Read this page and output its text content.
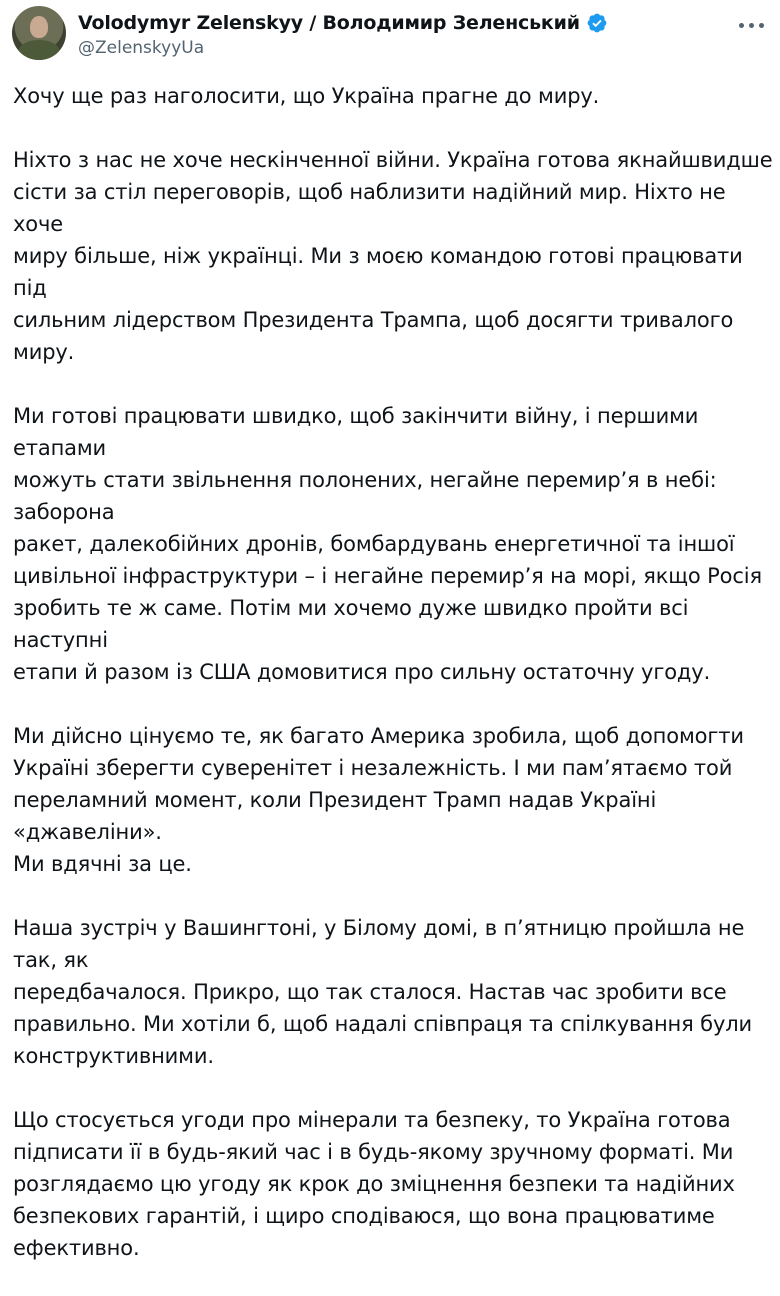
Volodymyr Zelenskyy / Володимир Зеленський
@ZelenskyyUa

Хочу ще раз наголосити, що Україна прагне до миру.

Ніхто з нас не хоче нескінченної війни. Україна готова якнайшвидше
сісти за стіл переговорів, щоб наблизити надійний мир. Ніхто не хоче
миру більше, ніж українці. Ми з моєю командою готові працювати під
сильним лідерством Президента Трампа, щоб досягти тривалого миру.

Ми готові працювати швидко, щоб закінчити війну, і першими етапами
можуть стати звільнення полонених, негайне перемир’я в небі: заборона
ракет, далекобійних дронів, бомбардувань енергетичної та іншої
цивільної інфраструктури – і негайне перемир’я на морі, якщо Росія
зробить те ж саме. Потім ми хочемо дуже швидко пройти всі наступні
етапи й разом із США домовитися про сильну остаточну угоду.

Ми дійсно цінуємо те, як багато Америка зробила, щоб допомогти
Україні зберегти суверенітет і незалежність. І ми пам’ятаємо той
переламний момент, коли Президент Трамп надав Україні «джавеліни».
Ми вдячні за це.

Наша зустріч у Вашингтоні, у Білому домі, в п’ятницю пройшла не так, як
передбачалося. Прикро, що так сталося. Настав час зробити все
правильно. Ми хотіли б, щоб надалі співпраця та спілкування були
конструктивними.

Що стосується угоди про мінерали та безпеку, то Україна готова
підписати її в будь-який час і в будь-якому зручному форматі. Ми
розглядаємо цю угоду як крок до зміцнення безпеки та надійних
безпекових гарантій, і щиро сподіваюся, що вона працюватиме
ефективно.
